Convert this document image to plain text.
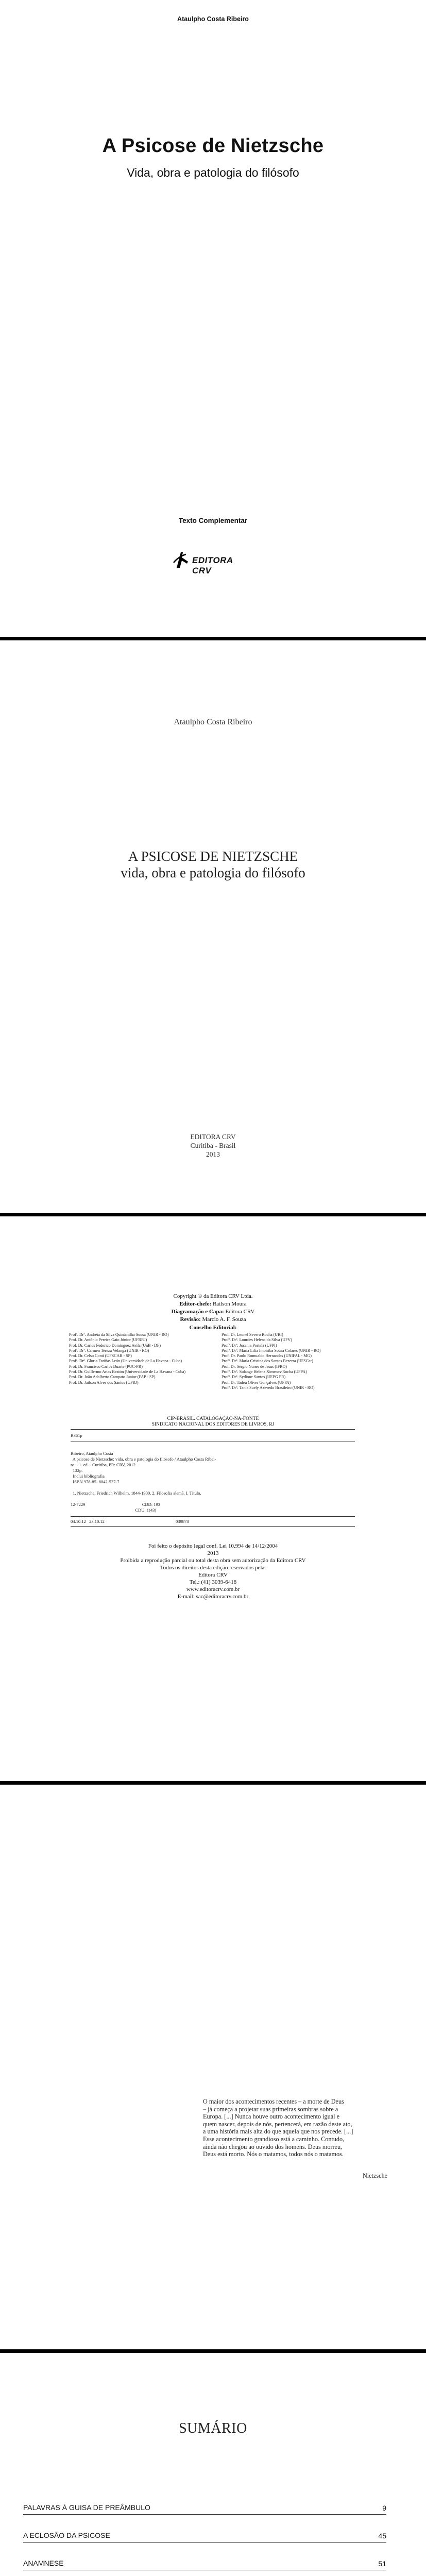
Ataulpho Costa Ribeiro
A Psicose de Nietzsche
Vida, obra e patologia do filósofo
Texto Complementar
EDITORA CRV
Ataulpho Costa Ribeiro
A PSICOSE DE NIETZSCHE
vida, obra e patologia do filósofo
EDITORA CRV
Curitiba - Brasil
2013
Copyright © da Editora CRV Ltda.
Editor-chefe: Railson Moura
Diagramação e Capa: Editora CRV
Revisão: Marcio A. F. Souza
Conselho Editorial:
Profª. Drª. Andréia da Silva Quintanilha Sousa (UNIR - RO)
Prof. Dr. Antônio Pereira Gaio Júnior (UFRRJ)
Prof. Dr. Carlos Federico Dominguez Avila (UnB - DF)
Profª. Drª. Carmen Tereza Velanga (UNIR - RO)
Prof. Dr. Celso Conti (UFSCAR - SP)
Profª. Drª. Gloria Fariñas León (Universidade de La Havana - Cuba)
Prof. Dr. Francisco Carlos Duarte (PUC-PR)
Prof. Dr. Guillermo Arias Beatón (Universidade de La Havana - Cuba)
Prof. Dr. João Adalberto Campato Junior (FAP - SP)
Prof. Dr. Jailson Alves dos Santos (UFRJ)
Prof. Dr. Leonel Severo Rocha (URI)
Profª. Drª. Lourdes Helena da Silva (UFV)
Profª. Drª. Josania Portela (UFPI)
Profª. Drª. Maria Lília Imbiriba Sousa Colares (UNIR - RO)
Prof. Dr. Paulo Romualdo Hernandes (UNIFAL - MG)
Profª. Drª. Maria Cristina dos Santos Bezerra (UFSCar)
Prof. Dr. Sérgio Nunes de Jesus (IFRO)
Profª. Drª. Solange Helena Ximenes-Rocha (UFPA)
Profª. Drª. Sydione Santos (UEPG PR)
Prof. Dr. Tadeu Oliver Gonçalves (UFPA)
Profª. Drª. Tania Suely Azevedo Brasileiro (UNIR - RO)
CIP-BRASIL. CATALOGAÇÃO-NA-FONTE
SINDICATO NACIONAL DOS EDITORES DE LIVROS, RJ
R361p

Ribeiro, Ataulpho Costa
A psicose de Nietzsche: vida, obra e patologia do filósofo / Ataulpho Costa Ribei-
ro. - 1. ed. - Curitiba, PR: CRV, 2012.
132p.
Inclui bibliografia
ISBN 978-85- 8042-527-7

1. Nietzsche, Friedrich Wilhelm, 1844-1900. 2. Filosofia alemã. I. Título.

12-7229                                                    CDD: 193
CDU: 1(43)
04.10.12   23.10.12                                                                 039878
Foi feito o depósito legal conf. Lei 10.994 de 14/12/2004
2013
Proibida a reprodução parcial ou total desta obra sem autorização da Editora CRV
Todos os direitos desta edição reservados pela:
Editora CRV
Tel.: (41) 3039-6418
www.editoracrv.com.br
E-mail: sac@editoracrv.com.br
O maior dos acontecimentos recentes – a morte de Deus
– já começa a projetar suas primeiras sombras sobre a
Europa. [...] Nunca houve outro acontecimento igual e
quem nascer, depois de nós, pertencerá, em razão deste ato,
a uma história mais alta do que aquela que nos precede. [...]
Esse acontecimento grandioso está a caminho. Contudo,
ainda não chegou ao ouvido dos homens. Deus morreu,
Deus está morto. Nós o matamos, todos nós o matamos.
Nietzsche
SUMÁRIO
PALAVRAS À GUISA DE PREÂMBULO	9
A ECLOSÃO DA PSICOSE	45
ANAMNESE	51
